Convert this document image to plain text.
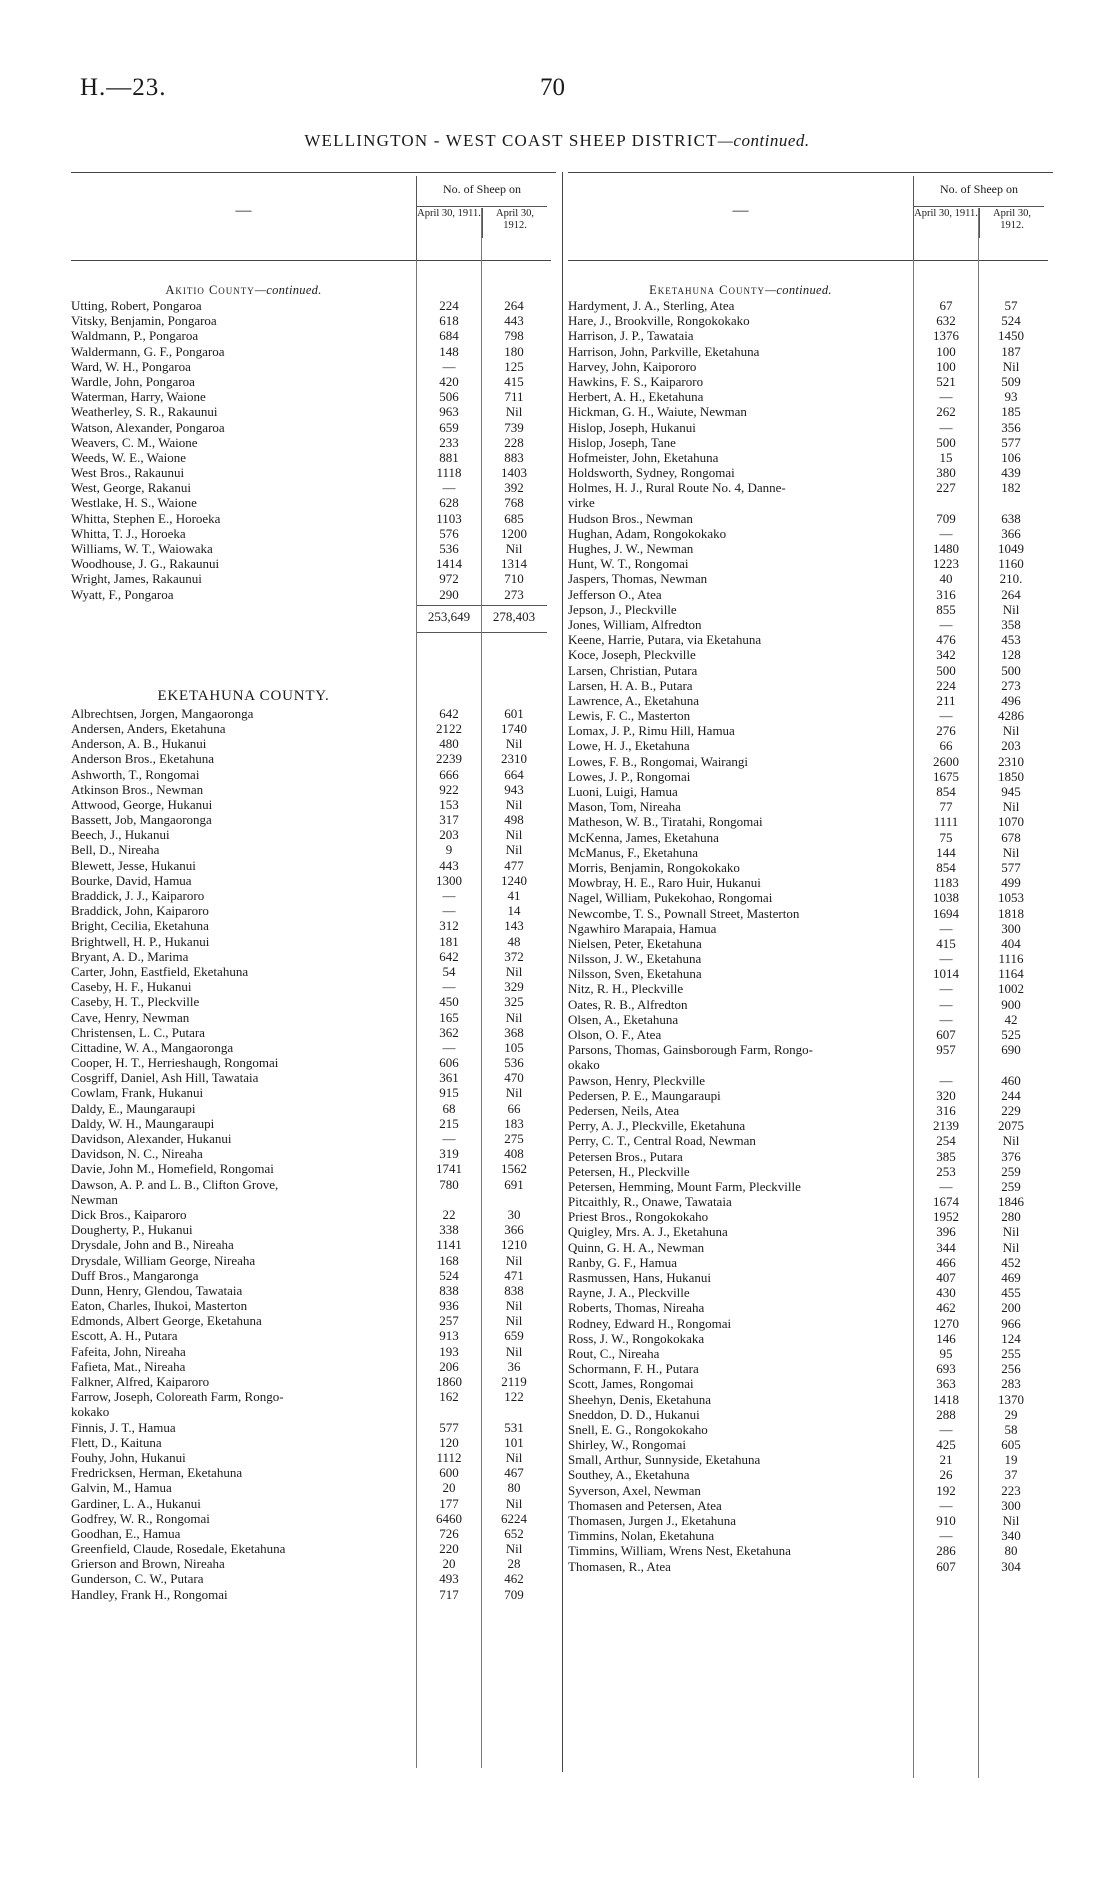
H.—23.	70
WELLINGTON - WEST COAST SHEEP DISTRICT—continued.
—
No. of Sheep on
April 30, 1911.	April 30, 1912.
Akitio County—continued.
Utting, Robert, Pongaroa	224	264
Vitsky, Benjamin, Pongaroa	618	443
Waldmann, P., Pongaroa	684	798
Waldermann, G. F., Pongaroa	148	180
Ward, W. H., Pongaroa	—	125
Wardle, John, Pongaroa	420	415
Waterman, Harry, Waione	506	711
Weatherley, S. R., Rakaunui	963	Nil
Watson, Alexander, Pongaroa	659	739
Weavers, C. M., Waione	233	228
Weeds, W. E., Waione	881	883
West Bros., Rakaunui	1118	1403
West, George, Rakanui	—	392
Westlake, H. S., Waione	628	768
Whitta, Stephen E., Horoeka	1103	685
Whitta, T. J., Horoeka	576	1200
Williams, W. T., Waiowaka	536	Nil
Woodhouse, J. G., Rakaunui	1414	1314
Wright, James, Rakaunui	972	710
Wyatt, F., Pongaroa	290	273
253,649	278,403
EKETAHUNA COUNTY.
Albrechtsen, Jorgen, Mangaoronga	642	601
Andersen, Anders, Eketahuna	2122	1740
Anderson, A. B., Hukanui	480	Nil
Anderson Bros., Eketahuna	2239	2310
Ashworth, T., Rongomai	666	664
Atkinson Bros., Newman	922	943
Attwood, George, Hukanui	153	Nil
Bassett, Job, Mangaoronga	317	498
Beech, J., Hukanui	203	Nil
Bell, D., Nireaha	9	Nil
Blewett, Jesse, Hukanui	443	477
Bourke, David, Hamua	1300	1240
Braddick, J. J., Kaiparoro	—	41
Braddick, John, Kaiparoro	—	14
Bright, Cecilia, Eketahuna	312	143
Brightwell, H. P., Hukanui	181	48
Bryant, A. D., Marima	642	372
Carter, John, Eastfield, Eketahuna	54	Nil
Caseby, H. F., Hukanui	—	329
Caseby, H. T., Pleckville	450	325
Cave, Henry, Newman	165	Nil
Christensen, L. C., Putara	362	368
Cittadine, W. A., Mangaoronga	—	105
Cooper, H. T., Herrieshaugh, Rongomai	606	536
Cosgriff, Daniel, Ash Hill, Tawataia	361	470
Cowlam, Frank, Hukanui	915	Nil
Daldy, E., Maungaraupi	68	66
Daldy, W. H., Maungaraupi	215	183
Davidson, Alexander, Hukanui	—	275
Davidson, N. C., Nireaha	319	408
Davie, John M., Homefield, Rongomai	1741	1562
Dawson, A. P. and L. B., Clifton Grove,	780	691
Newman
Dick Bros., Kaiparoro	22	30
Dougherty, P., Hukanui	338	366
Drysdale, John and B., Nireaha	1141	1210
Drysdale, William George, Nireaha	168	Nil
Duff Bros., Mangaronga	524	471
Dunn, Henry, Glendou, Tawataia	838	838
Eaton, Charles, Ihukoi, Masterton	936	Nil
Edmonds, Albert George, Eketahuna	257	Nil
Escott, A. H., Putara	913	659
Fafeita, John, Nireaha	193	Nil
Fafieta, Mat., Nireaha	206	36
Falkner, Alfred, Kaiparoro	1860	2119
Farrow, Joseph, Coloreath Farm, Rongo-	162	122
kokako
Finnis, J. T., Hamua	577	531
Flett, D., Kaituna	120	101
Fouhy, John, Hukanui	1112	Nil
Fredricksen, Herman, Eketahuna	600	467
Galvin, M., Hamua	20	80
Gardiner, L. A., Hukanui	177	Nil
Godfrey, W. R., Rongomai	6460	6224
Goodhan, E., Hamua	726	652
Greenfield, Claude, Rosedale, Eketahuna	220	Nil
Grierson and Brown, Nireaha	20	28
Gunderson, C. W., Putara	493	462
Handley, Frank H., Rongomai	717	709
—
No. of Sheep on
April 30, 1911.	April 30, 1912.
Eketahuna County—continued.
Hardyment, J. A., Sterling, Atea	67	57
Hare, J., Brookville, Rongokokako	632	524
Harrison, J. P., Tawataia	1376	1450
Harrison, John, Parkville, Eketahuna	100	187
Harvey, John, Kaipororo	100	Nil
Hawkins, F. S., Kaiparoro	521	509
Herbert, A. H., Eketahuna	—	93
Hickman, G. H., Waiute, Newman	262	185
Hislop, Joseph, Hukanui	—	356
Hislop, Joseph, Tane	500	577
Hofmeister, John, Eketahuna	15	106
Holdsworth, Sydney, Rongomai	380	439
Holmes, H. J., Rural Route No. 4, Danne-	227	182
virke
Hudson Bros., Newman	709	638
Hughan, Adam, Rongokokako	—	366
Hughes, J. W., Newman	1480	1049
Hunt, W. T., Rongomai	1223	1160
Jaspers, Thomas, Newman	40	210.
Jefferson O., Atea	316	264
Jepson, J., Pleckville	855	Nil
Jones, William, Alfredton	—	358
Keene, Harrie, Putara, via Eketahuna	476	453
Koce, Joseph, Pleckville	342	128
Larsen, Christian, Putara	500	500
Larsen, H. A. B., Putara	224	273
Lawrence, A., Eketahuna	211	496
Lewis, F. C., Masterton	—	4286
Lomax, J. P., Rimu Hill, Hamua	276	Nil
Lowe, H. J., Eketahuna	66	203
Lowes, F. B., Rongomai, Wairangi	2600	2310
Lowes, J. P., Rongomai	1675	1850
Luoni, Luigi, Hamua	854	945
Mason, Tom, Nireaha	77	Nil
Matheson, W. B., Tiratahi, Rongomai	1111	1070
McKenna, James, Eketahuna	75	678
McManus, F., Eketahuna	144	Nil
Morris, Benjamin, Rongokokako	854	577
Mowbray, H. E., Raro Huir, Hukanui	1183	499
Nagel, William, Pukekohao, Rongomai	1038	1053
Newcombe, T. S., Pownall Street, Masterton	1694	1818
Ngawhiro Marapaia, Hamua	—	300
Nielsen, Peter, Eketahuna	415	404
Nilsson, J. W., Eketahuna	—	1116
Nilsson, Sven, Eketahuna	1014	1164
Nitz, R. H., Pleckville	—	1002
Oates, R. B., Alfredton	—	900
Olsen, A., Eketahuna	—	42
Olson, O. F., Atea	607	525
Parsons, Thomas, Gainsborough Farm, Rongo-	957	690
okako
Pawson, Henry, Pleckville	—	460
Pedersen, P. E., Maungaraupi	320	244
Pedersen, Neils, Atea	316	229
Perry, A. J., Pleckville, Eketahuna	2139	2075
Perry, C. T., Central Road, Newman	254	Nil
Petersen Bros., Putara	385	376
Petersen, H., Pleckville	253	259
Petersen, Hemming, Mount Farm, Pleckville	—	259
Pitcaithly, R., Onawe, Tawataia	1674	1846
Priest Bros., Rongokokaho	1952	280
Quigley, Mrs. A. J., Eketahuna	396	Nil
Quinn, G. H. A., Newman	344	Nil
Ranby, G. F., Hamua	466	452
Rasmussen, Hans, Hukanui	407	469
Rayne, J. A., Pleckville	430	455
Roberts, Thomas, Nireaha	462	200
Rodney, Edward H., Rongomai	1270	966
Ross, J. W., Rongokokaka	146	124
Rout, C., Nireaha	95	255
Schormann, F. H., Putara	693	256
Scott, James, Rongomai	363	283
Sheehyn, Denis, Eketahuna	1418	1370
Sneddon, D. D., Hukanui	288	29
Snell, E. G., Rongokokaho	—	58
Shirley, W., Rongomai	425	605
Small, Arthur, Sunnyside, Eketahuna	21	19
Southey, A., Eketahuna	26	37
Syverson, Axel, Newman	192	223
Thomasen and Petersen, Atea	—	300
Thomasen, Jurgen J., Eketahuna	910	Nil
Timmins, Nolan, Eketahuna	—	340
Timmins, William, Wrens Nest, Eketahuna	286	80
Thomasen, R., Atea	607	304
